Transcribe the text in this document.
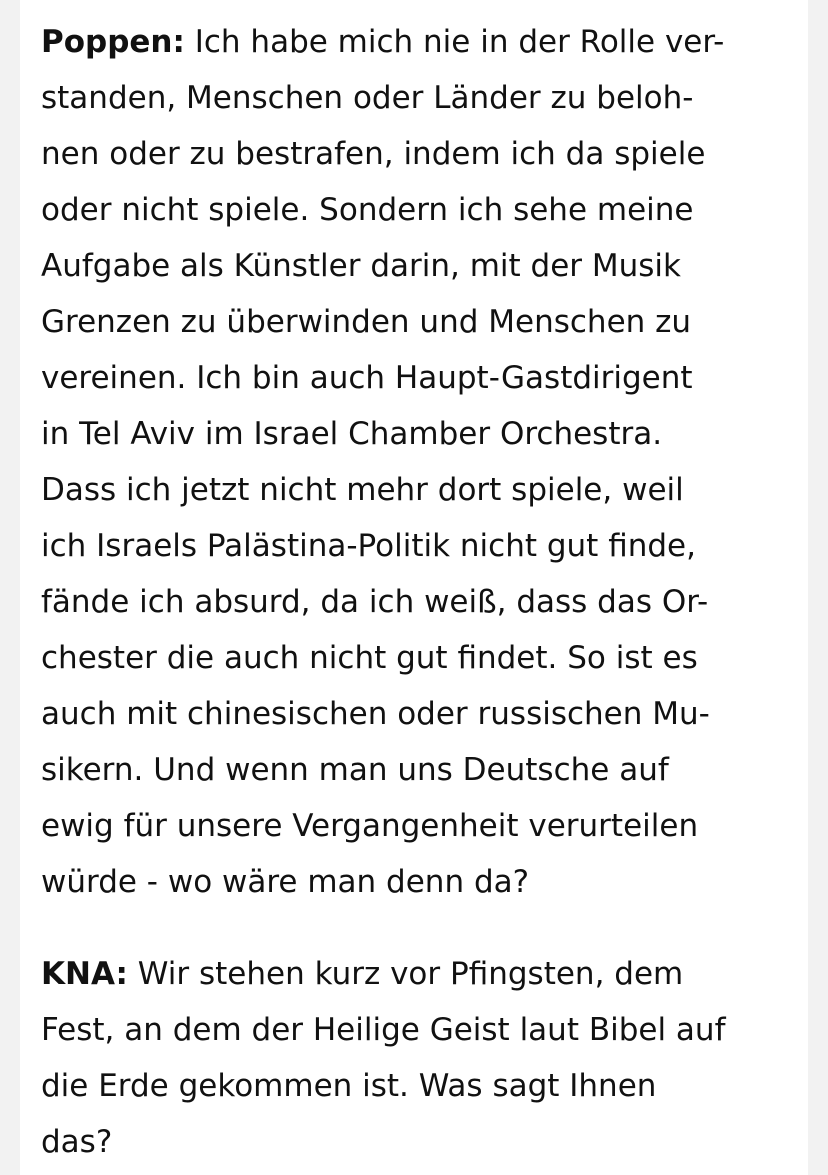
Poppen: Ich habe mich nie in der Rolle ver-
standen, Menschen oder Länder zu beloh-
nen oder zu bestrafen, indem ich da spiele
oder nicht spiele. Sondern ich sehe meine
Aufgabe als Künstler darin, mit der Musik
Grenzen zu überwinden und Menschen zu
vereinen. Ich bin auch Haupt-Gastdirigent
in Tel Aviv im Israel Chamber Orchestra.
Dass ich jetzt nicht mehr dort spiele, weil
ich Israels Palästina-Politik nicht gut finde,
fände ich absurd, da ich weiß, dass das Or-
chester die auch nicht gut findet. So ist es
auch mit chinesischen oder russischen Mu-
sikern. Und wenn man uns Deutsche auf
ewig für unsere Vergangenheit verurteilen
würde - wo wäre man denn da?
KNA: Wir stehen kurz vor Pfingsten, dem
Fest, an dem der Heilige Geist laut Bibel auf
die Erde gekommen ist. Was sagt Ihnen
das?
